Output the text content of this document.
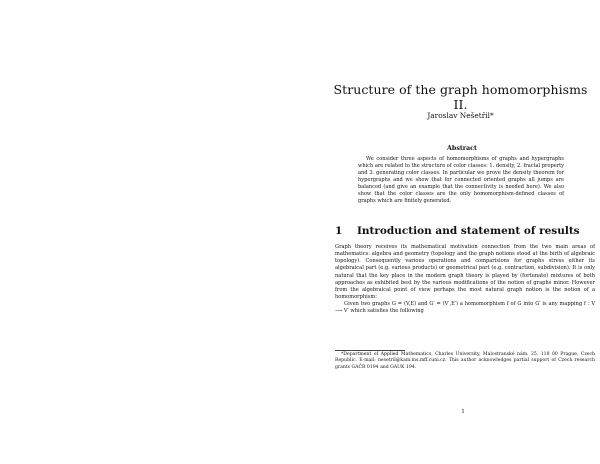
Structure of the graph homomorphisms II.
Jaroslav Nešetřil*
Abstract

We consider three aspects of homomorphisms of graphs and hypergraphs which are related to the structure of color classes: 1. density, 2. fractal property and 3. generating color classes. In particular we prove the density theorem for hypergraphs and we show that for connected oriented graphs all jumps are balanced (and give an example that the connectivity is needed here). We also show that the color classes are the only homomorphism-defined classes of graphs which are finitely generated.

1 Introduction and statement of results

Graph theory receives its mathematical motivation connection from the two main areas of mathematics: algebra and geometry (topology and the graph notions stood at the birth of algebraic topology). Consequently various operations and comparisions for graphs stress either its algebraical part (e.g. various products) or geometrical part (e.g. contraction, subdivision). It is only natural that the key place in the modern graph theory is played by (fortunate) mixtures of both approaches as exhibited best by the various modifications of the notion of graphs minor. However from the algebraical point of view perhaps the most natural graph notion is the notion of a homomorphism:

Given two graphs G = (V,E) and G′ = (V′,E′) a homomorphism f of G into G′ is any mapping f : V ⟶ V′ which satisfies the following

*Department of Applied Mathematics, Charles University, Malostranské nám. 25, 118 00 Prague, Czech Republic. E-mail: nesetril@kam.ms.mff.cuni.cz. This author acknowledges partial support of Czech research grants GAČR 0194 and GAUK 194.

1
